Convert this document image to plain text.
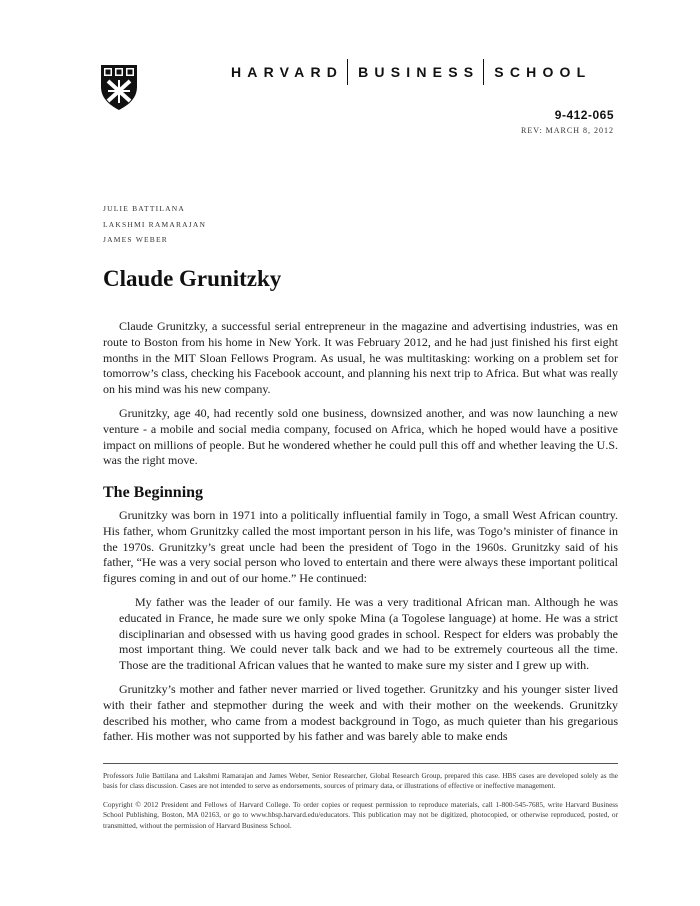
HARVARD BUSINESS SCHOOL
9-412-065
REV: MARCH 8, 2012
JULIE BATTILANA
LAKSHMI RAMARAJAN
JAMES WEBER
Claude Grunitzky

Claude Grunitzky, a successful serial entrepreneur in the magazine and advertising industries, was en route to Boston from his home in New York. It was February 2012, and he had just finished his first eight months in the MIT Sloan Fellows Program. As usual, he was multitasking: working on a problem set for tomorrow’s class, checking his Facebook account, and planning his next trip to Africa. But what was really on his mind was his new company.

Grunitzky, age 40, had recently sold one business, downsized another, and was now launching a new venture - a mobile and social media company, focused on Africa, which he hoped would have a positive impact on millions of people. But he wondered whether he could pull this off and whether leaving the U.S. was the right move.

The Beginning

Grunitzky was born in 1971 into a politically influential family in Togo, a small West African country. His father, whom Grunitzky called the most important person in his life, was Togo’s minister of finance in the 1970s. Grunitzky’s great uncle had been the president of Togo in the 1960s. Grunitzky said of his father, “He was a very social person who loved to entertain and there were always these important political figures coming in and out of our home.” He continued:

My father was the leader of our family. He was a very traditional African man. Although he was educated in France, he made sure we only spoke Mina (a Togolese language) at home. He was a strict disciplinarian and obsessed with us having good grades in school. Respect for elders was probably the most important thing. We could never talk back and we had to be extremely courteous all the time. Those are the traditional African values that he wanted to make sure my sister and I grew up with.

Grunitzky’s mother and father never married or lived together. Grunitzky and his younger sister lived with their father and stepmother during the week and with their mother on the weekends. Grunitzky described his mother, who came from a modest background in Togo, as much quieter than his gregarious father. His mother was not supported by his father and was barely able to make ends

Professors Julie Battilana and Lakshmi Ramarajan and James Weber, Senior Researcher, Global Research Group, prepared this case. HBS cases are developed solely as the basis for class discussion. Cases are not intended to serve as endorsements, sources of primary data, or illustrations of effective or ineffective management.

Copyright © 2012 President and Fellows of Harvard College. To order copies or request permission to reproduce materials, call 1-800-545-7685, write Harvard Business School Publishing, Boston, MA 02163, or go to www.hbsp.harvard.edu/educators. This publication may not be digitized, photocopied, or otherwise reproduced, posted, or transmitted, without the permission of Harvard Business School.
